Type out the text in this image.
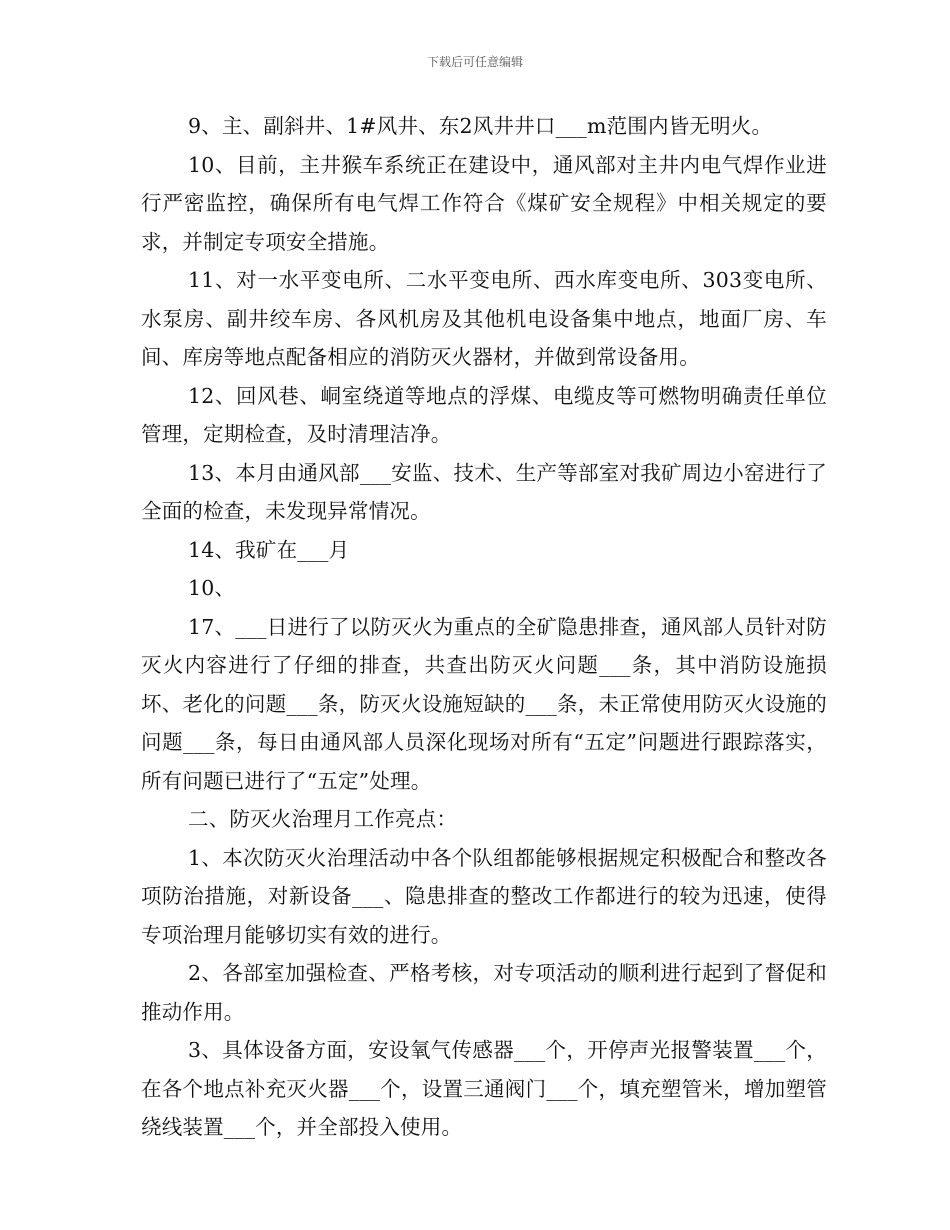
下载后可任意编辑

9、主、副斜井、1#风井、东2风井井口___m范围内皆无明火。

10、目前，主井猴车系统正在建设中，通风部对主井内电气焊作业进行严密监控，确保所有电气焊工作符合《煤矿安全规程》中相关规定的要求，并制定专项安全措施。

11、对一水平变电所、二水平变电所、西水库变电所、303变电所、水泵房、副井绞车房、各风机房及其他机电设备集中地点，地面厂房、车间、库房等地点配备相应的消防灭火器材，并做到常设备用。

12、回风巷、峒室绕道等地点的浮煤、电缆皮等可燃物明确责任单位管理，定期检查，及时清理洁净。

13、本月由通风部___安监、技术、生产等部室对我矿周边小窑进行了全面的检查，未发现异常情况。

14、我矿在___月

10、

17、___日进行了以防灭火为重点的全矿隐患排查，通风部人员针对防灭火内容进行了仔细的排查，共查出防灭火问题___条，其中消防设施损坏、老化的问题___条，防灭火设施短缺的___条，未正常使用防灭火设施的问题___条，每日由通风部人员深化现场对所有“五定”问题进行跟踪落实，所有问题已进行了“五定”处理。

二、防灭火治理月工作亮点：

1、本次防灭火治理活动中各个队组都能够根据规定积极配合和整改各项防治措施，对新设备___、隐患排查的整改工作都进行的较为迅速，使得专项治理月能够切实有效的进行。

2、各部室加强检查、严格考核，对专项活动的顺利进行起到了督促和推动作用。

3、具体设备方面，安设氧气传感器___个，开停声光报警装置___个，在各个地点补充灭火器___个，设置三通阀门___个，填充塑管米，增加塑管绕线装置___个，并全部投入使用。
